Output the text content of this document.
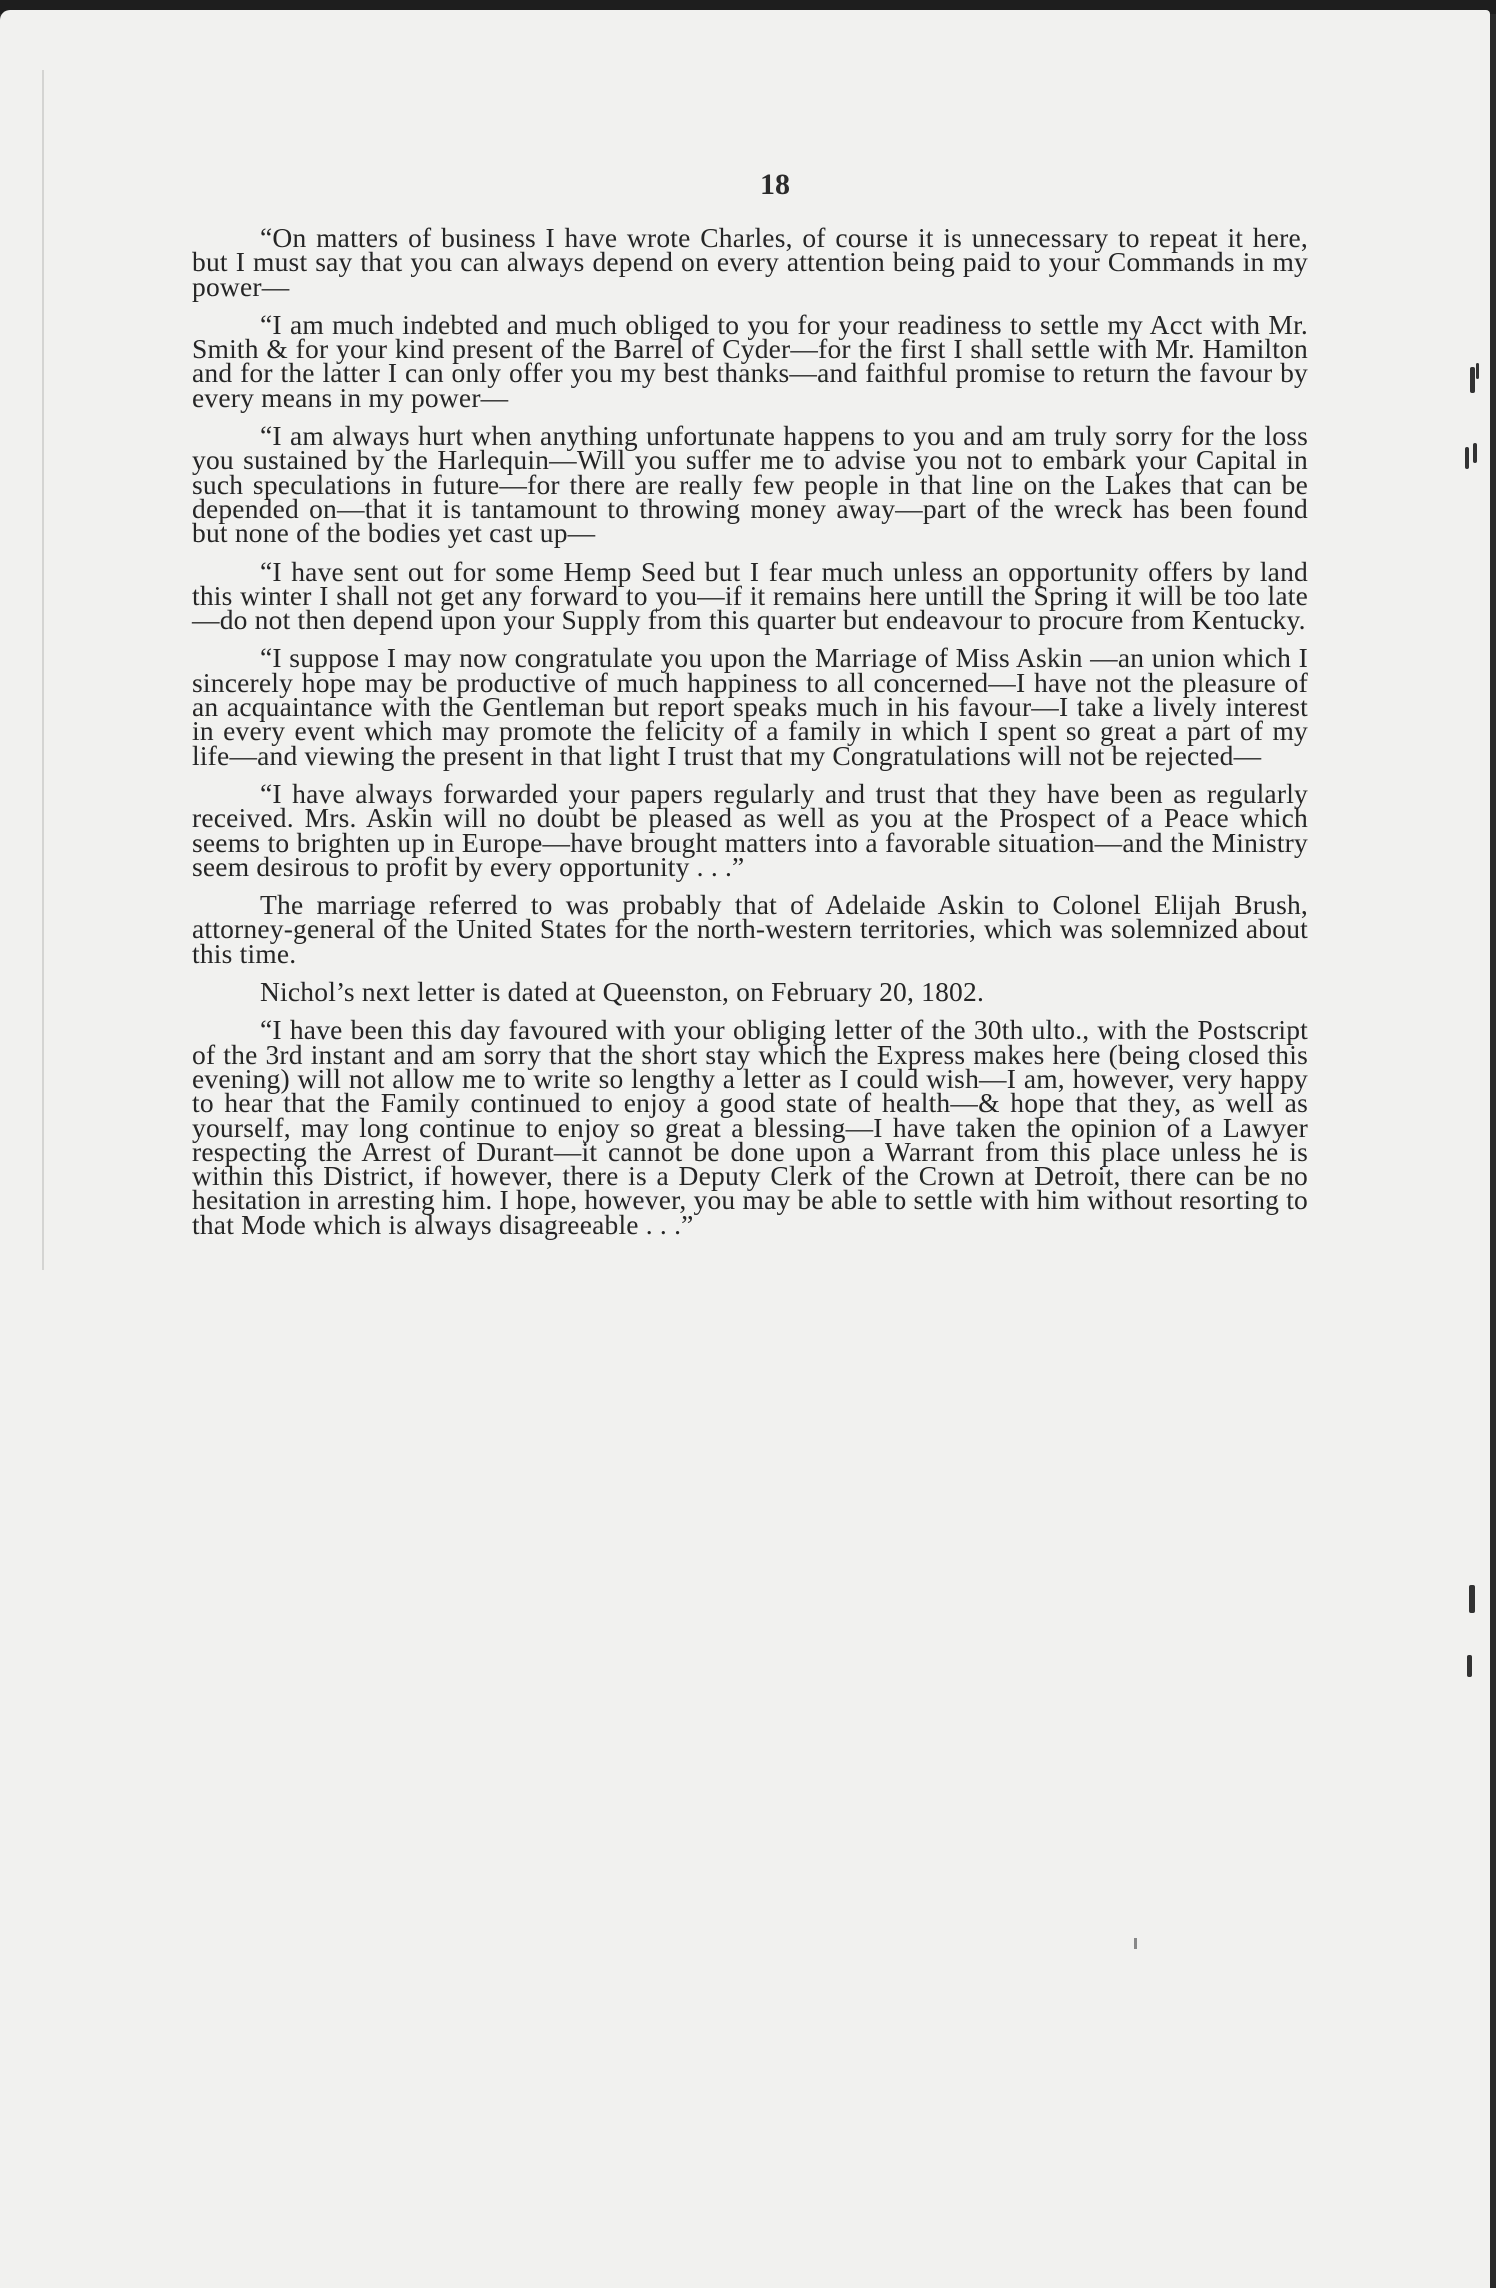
18

“On matters of business I have wrote Charles, of course it is unnecessary to repeat it here, but I must say that you can always depend on every attention being paid to your Commands in my power—

“I am much indebted and much obliged to you for your readiness to settle my Acct with Mr. Smith & for your kind present of the Barrel of Cyder—for the first I shall settle with Mr. Hamilton and for the latter I can only offer you my best thanks—and faithful promise to return the favour by every means in my power—

“I am always hurt when anything unfortunate happens to you and am truly sorry for the loss you sustained by the Harlequin—Will you suffer me to advise you not to embark your Capital in such speculations in future—for there are really few people in that line on the Lakes that can be depended on—that it is tantamount to throwing money away—part of the wreck has been found but none of the bodies yet cast up—

“I have sent out for some Hemp Seed but I fear much unless an opportunity offers by land this winter I shall not get any forward to you—if it remains here untill the Spring it will be too late—do not then depend upon your Supply from this quarter but endeavour to procure from Kentucky.

“I suppose I may now congratulate you upon the Marriage of Miss Askin —an union which I sincerely hope may be productive of much happiness to all concerned—I have not the pleasure of an acquaintance with the Gentleman but report speaks much in his favour—I take a lively interest in every event which may promote the felicity of a family in which I spent so great a part of my life—and viewing the present in that light I trust that my Congratulations will not be rejected—

“I have always forwarded your papers regularly and trust that they have been as regularly received. Mrs. Askin will no doubt be pleased as well as you at the Prospect of a Peace which seems to brighten up in Europe—have brought matters into a favorable situation—and the Ministry seem desirous to profit by every opportunity . . .”

The marriage referred to was probably that of Adelaide Askin to Colonel Elijah Brush, attorney-general of the United States for the north-western territories, which was solemnized about this time.

Nichol’s next letter is dated at Queenston, on February 20, 1802.

“I have been this day favoured with your obliging letter of the 30th ulto., with the Postscript of the 3rd instant and am sorry that the short stay which the Express makes here (being closed this evening) will not allow me to write so lengthy a letter as I could wish—I am, however, very happy to hear that the Family continued to enjoy a good state of health—& hope that they, as well as yourself, may long continue to enjoy so great a blessing—I have taken the opinion of a Lawyer respecting the Arrest of Durant—it cannot be done upon a Warrant from this place unless he is within this District, if however, there is a Deputy Clerk of the Crown at Detroit, there can be no hesitation in arresting him. I hope, however, you may be able to settle with him without resorting to that Mode which is always disagreeable . . .”
